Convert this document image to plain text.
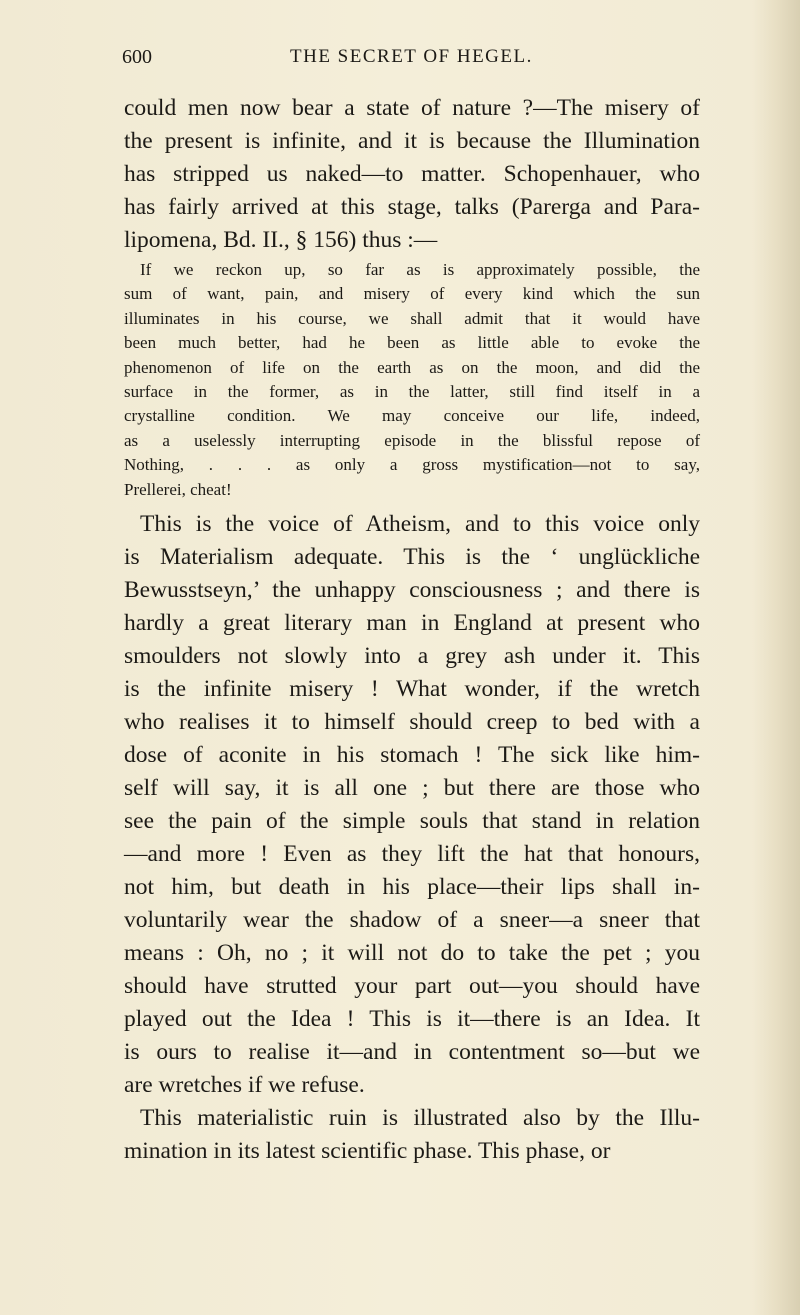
600	THE SECRET OF HEGEL.
could men now bear a state of nature ?—The misery of
the present is infinite, and it is because the Illumination
has stripped us naked—to matter. Schopenhauer, who
has fairly arrived at this stage, talks (Parerga and Para-
lipomena, Bd. II., § 156) thus :—
If we reckon up, so far as is approximately possible, the
sum of want, pain, and misery of every kind which the sun
illuminates in his course, we shall admit that it would have
been much better, had he been as little able to evoke the
phenomenon of life on the earth as on the moon, and did the
surface in the former, as in the latter, still find itself in a
crystalline condition. We may conceive our life, indeed,
as a uselessly interrupting episode in the blissful repose of
Nothing, . . . as only a gross mystification—not to say,
Prellerei, cheat!
This is the voice of Atheism, and to this voice only
is Materialism adequate. This is the ‘ unglückliche
Bewusstseyn,’ the unhappy consciousness ; and there is
hardly a great literary man in England at present who
smoulders not slowly into a grey ash under it. This
is the infinite misery ! What wonder, if the wretch
who realises it to himself should creep to bed with a
dose of aconite in his stomach ! The sick like him-
self will say, it is all one ; but there are those who
see the pain of the simple souls that stand in relation
—and more ! Even as they lift the hat that honours,
not him, but death in his place—their lips shall in-
voluntarily wear the shadow of a sneer—a sneer that
means : Oh, no ; it will not do to take the pet ; you
should have strutted your part out—you should have
played out the Idea ! This is it—there is an Idea. It
is ours to realise it—and in contentment so—but we
are wretches if we refuse.
This materialistic ruin is illustrated also by the Illu-
mination in its latest scientific phase. This phase, or
